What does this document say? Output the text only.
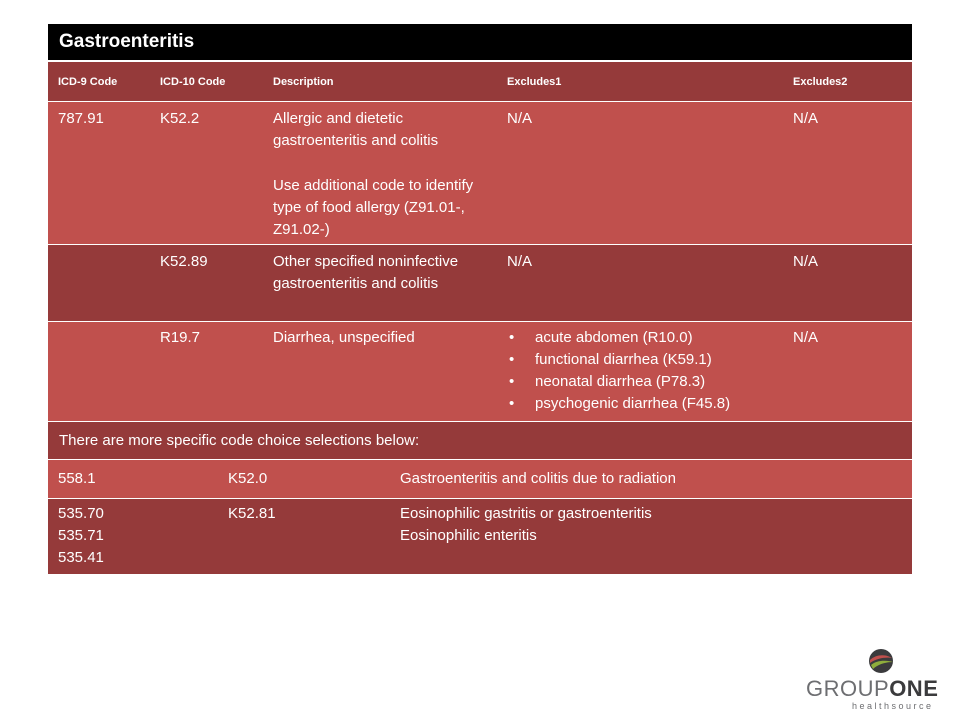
Gastroenteritis
ICD-9 Code	ICD-10 Code	Description	Excludes1	Excludes2
787.91	K52.2	Allergic and dietetic gastroenteritis and colitis
Use additional code to identify type of food allergy (Z91.01-, Z91.02-)
N/A	N/A
K52.89	Other specified noninfective gastroenteritis and colitis
N/A	N/A
R19.7	Diarrhea, unspecified
•	acute abdomen (R10.0)
• functional diarrhea (K59.1)
• neonatal diarrhea (P78.3)
• psychogenic diarrhea (F45.8)
N/A
There are more specific code choice selections below:
558.1	K52.0	Gastroenteritis and colitis due to radiation
535.70
535.71
535.41
K52.81	Eosinophilic gastritis or gastroenteritis
Eosinophilic enteritis
GROUPONE
healthsource
